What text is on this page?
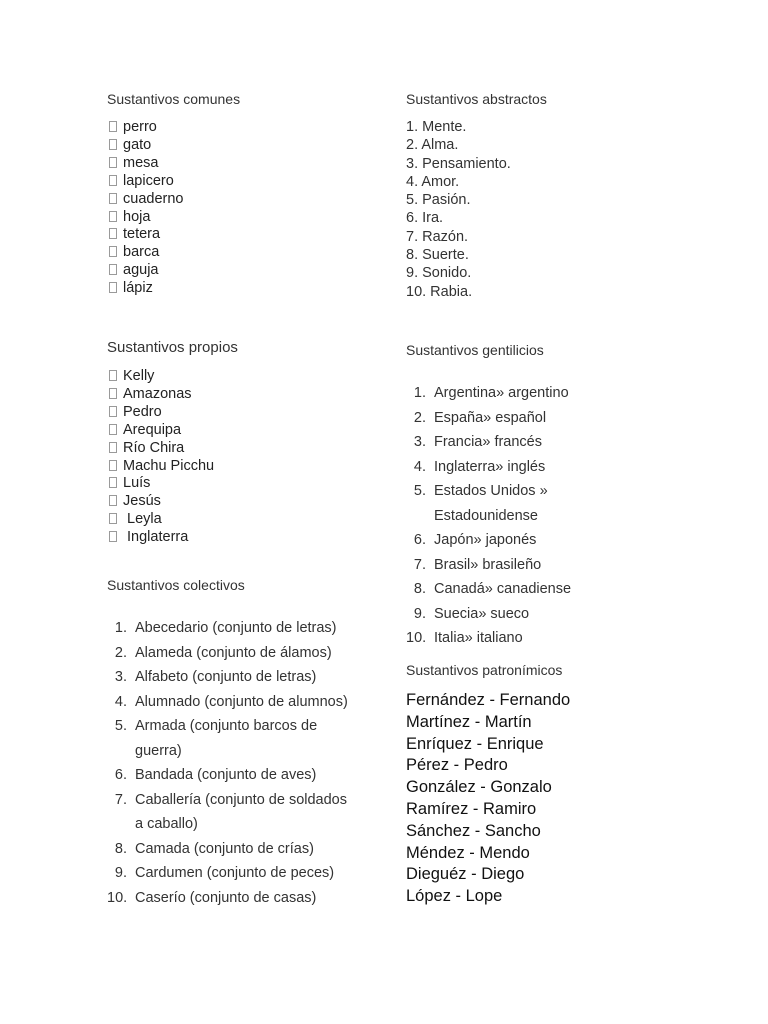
Sustantivos comunes
perro
gato
mesa
lapicero
cuaderno
hoja
tetera
barca
aguja
lápiz
Sustantivos abstractos
1. Mente.
2. Alma.
3. Pensamiento.
4. Amor.
5. Pasión.
6. Ira.
7. Razón.
8. Suerte.
9. Sonido.
10. Rabia.
Sustantivos propios
Kelly
Amazonas
Pedro
Arequipa
Río Chira
Machu Picchu
Luís
Jesús
Leyla
Inglaterra
Sustantivos gentilicios
1. Argentina» argentino
2. España» español
3. Francia» francés
4. Inglaterra» inglés
5. Estados Unidos »
Estadounidense
6. Japón» japonés
7. Brasil» brasileño
8. Canadá» canadiense
9. Suecia» sueco
10. Italia» italiano
Sustantivos colectivos
1. Abecedario (conjunto de letras)
2. Alameda (conjunto de álamos)
3. Alfabeto (conjunto de letras)
4. Alumnado (conjunto de alumnos)
5. Armada (conjunto barcos de
guerra)
6. Bandada (conjunto de aves)
7. Caballería (conjunto de soldados
a caballo)
8. Camada (conjunto de crías)
9. Cardumen (conjunto de peces)
10. Caserío (conjunto de casas)
Sustantivos patronímicos
Fernández - Fernando
Martínez - Martín
Enríquez - Enrique
Pérez - Pedro
González - Gonzalo
Ramírez - Ramiro
Sánchez - Sancho
Méndez - Mendo
Dieguéz - Diego
López - Lope
